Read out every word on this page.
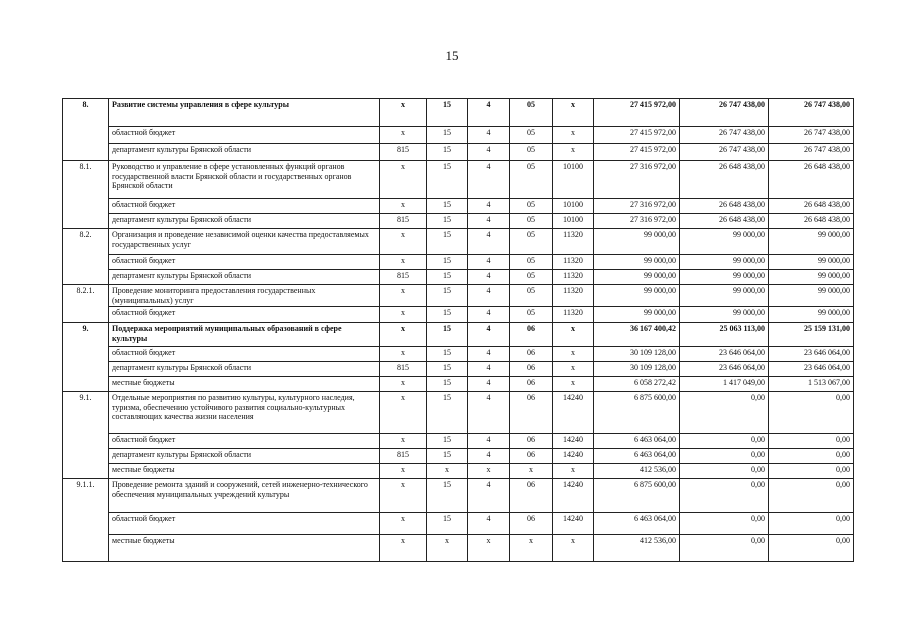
15
8.	Развитие системы управления в сфере культуры	х	15	4	05	х	27 415 972,00	26 747 438,00	26 747 438,00
	областной бюджет	х	15	4	05	х	27 415 972,00	26 747 438,00	26 747 438,00
	департамент культуры Брянской области	815	15	4	05	х	27 415 972,00	26 747 438,00	26 747 438,00
8.1.	Руководство и управление в сфере установленных функций органов государственной власти Брянской области и государственных органов Брянской области	х	15	4	05	10100	27 316 972,00	26 648 438,00	26 648 438,00
	областной бюджет	х	15	4	05	10100	27 316 972,00	26 648 438,00	26 648 438,00
	департамент культуры Брянской области	815	15	4	05	10100	27 316 972,00	26 648 438,00	26 648 438,00
8.2.	Организация и проведение независимой оценки качества предоставляемых государственных услуг	х	15	4	05	11320	99 000,00	99 000,00	99 000,00
	областной бюджет	х	15	4	05	11320	99 000,00	99 000,00	99 000,00
	департамент культуры Брянской области	815	15	4	05	11320	99 000,00	99 000,00	99 000,00
8.2.1.	Проведение мониторинга предоставления государственных (муниципальных) услуг	х	15	4	05	11320	99 000,00	99 000,00	99 000,00
	областной бюджет	х	15	4	05	11320	99 000,00	99 000,00	99 000,00
9.	Поддержка мероприятий муниципальных образований в сфере культуры	х	15	4	06	х	36 167 400,42	25 063 113,00	25 159 131,00
	областной бюджет	х	15	4	06	х	30 109 128,00	23 646 064,00	23 646 064,00
	департамент культуры Брянской области	815	15	4	06	х	30 109 128,00	23 646 064,00	23 646 064,00
	местные бюджеты	х	15	4	06	х	6 058 272,42	1 417 049,00	1 513 067,00
9.1.	Отдельные мероприятия по развитию культуры, культурного наследия, туризма, обеспечению устойчивого развития социально-культурных составляющих качества жизни населения	х	15	4	06	14240	6 875 600,00	0,00	0,00
	областной бюджет	х	15	4	06	14240	6 463 064,00	0,00	0,00
	департамент культуры Брянской области	815	15	4	06	14240	6 463 064,00	0,00	0,00
	местные бюджеты	х	х	х	х	х	412 536,00	0,00	0,00
9.1.1.	Проведение ремонта зданий и сооружений, сетей инженерно-технического обеспечения муниципальных учреждений культуры	х	15	4	06	14240	6 875 600,00	0,00	0,00
	областной бюджет	х	15	4	06	14240	6 463 064,00	0,00	0,00
	местные бюджеты	х	х	х	х	х	412 536,00	0,00	0,00
